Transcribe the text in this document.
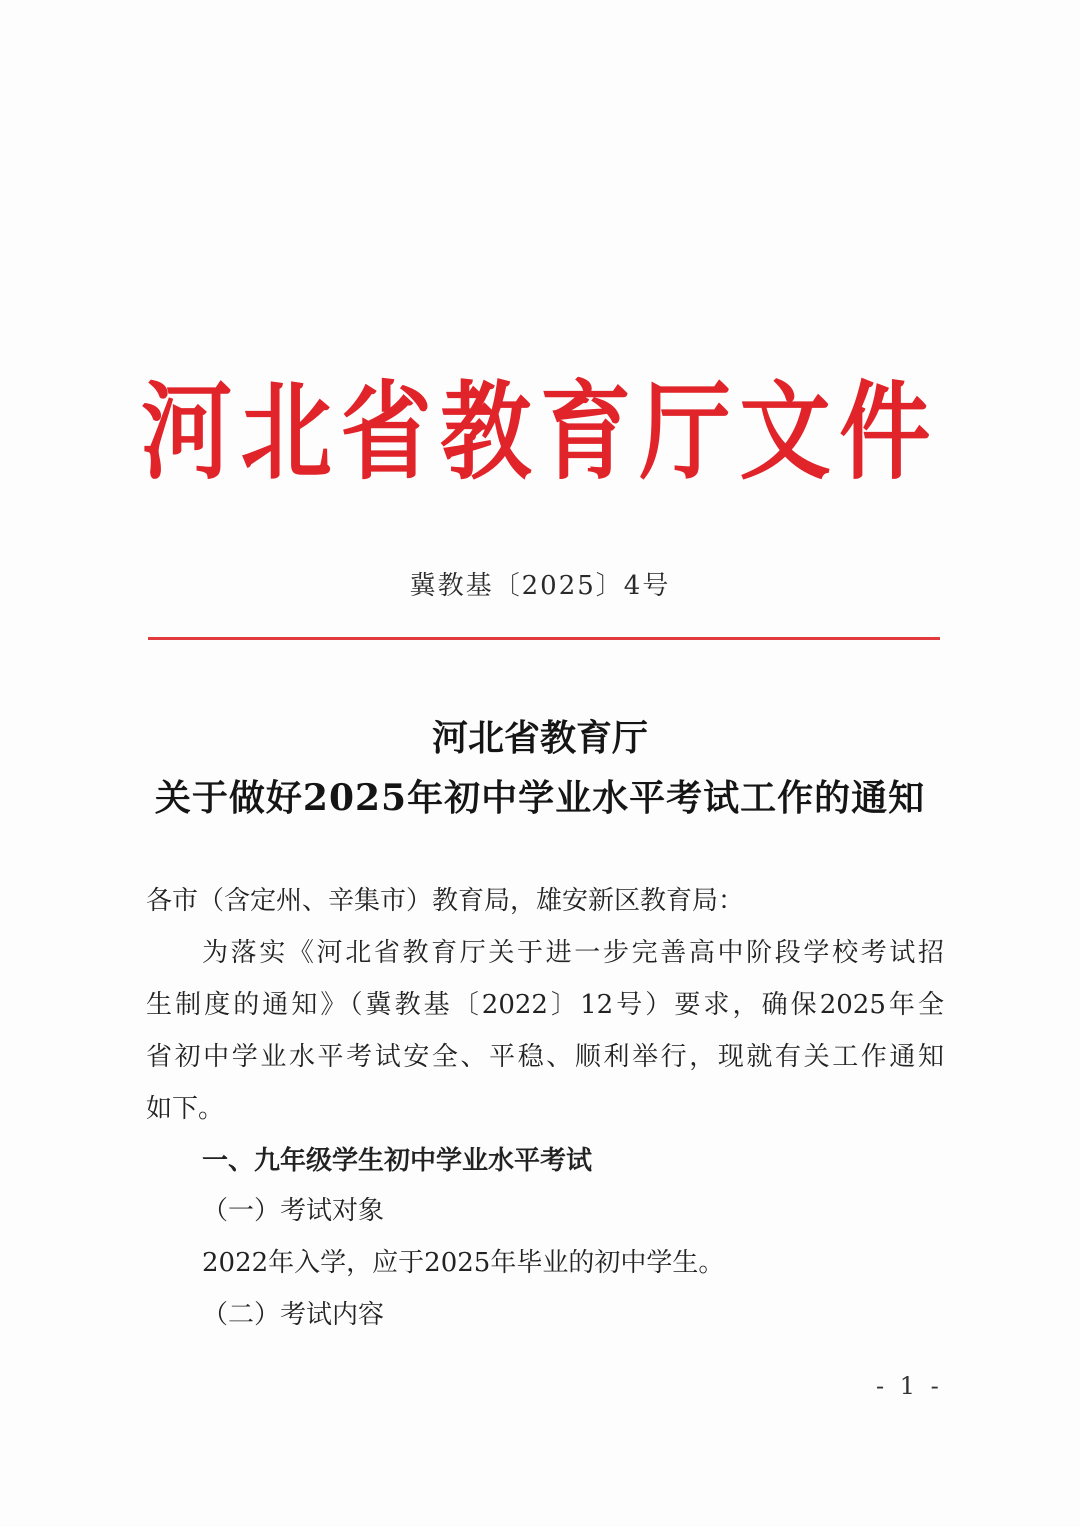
河北省教育厅文件
冀教基〔2025〕4号
河北省教育厅
关于做好2025年初中学业水平考试工作的通知
各市（含定州、辛集市）教育局，雄安新区教育局：
为落实《河北省教育厅关于进一步完善高中阶段学校考试招
生制度的通知》（冀教基〔2022〕12号）要求，确保2025年全
省初中学业水平考试安全、平稳、顺利举行，现就有关工作通知
如下。
一、九年级学生初中学业水平考试
（一）考试对象
2022年入学，应于2025年毕业的初中学生。
（二）考试内容
- 1 -
